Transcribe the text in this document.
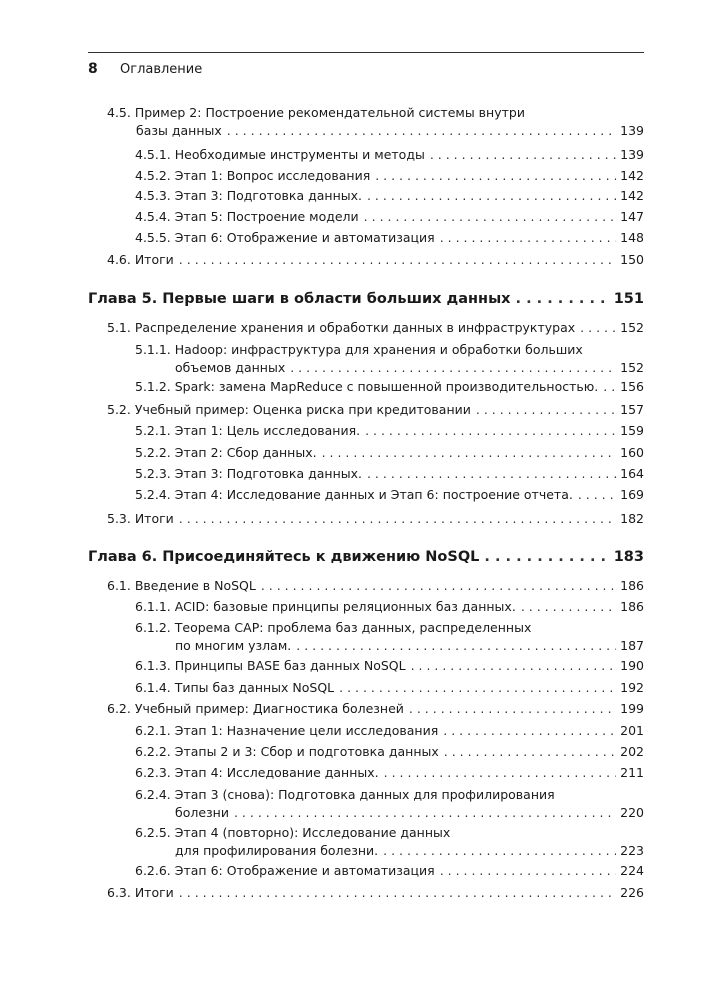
8 Оглавление
4.5. Пример 2: Построение рекомендательной системы внутри
базы данных . . .	139
4.5.1. Необходимые инструменты и методы . . .	139
4.5.2. Этап 1: Вопрос исследования . . .	142
4.5.3. Этап 3: Подготовка данных. . . .	142
4.5.4. Этап 5: Построение модели . . .	147
4.5.5. Этап 6: Отображение и автоматизация . . .	148
4.6. Итоги . . .	150
Глава 5. Первые шаги в области больших данных . . .	151
5.1. Распределение хранения и обработки данных в инфраструктурах . . .	152
5.1.1. Hadoop: инфраструктура для хранения и обработки больших
объемов данных . . .	152
5.1.2. Spark: замена MapReduce с повышенной производительностью. . . . 156
5.2. Учебный пример: Оценка риска при кредитовании . . .	157
5.2.1. Этап 1: Цель исследования. . . .	159
5.2.2. Этап 2: Сбор данных. . . .	160
5.2.3. Этап 3: Подготовка данных. . . .	164
5.2.4. Этап 4: Исследование данных и Этап 6: построение отчета. . . .	169
5.3. Итоги . . .	182
Глава 6. Присоединяйтесь к движению NoSQL . . .	183
6.1. Введение в NoSQL . . .	186
6.1.1. ACID: базовые принципы реляционных баз данных. . . .	186
6.1.2. Теорема CAP: проблема баз данных, распределенных
по многим узлам. . . .	187
6.1.3. Принципы BASE баз данных NoSQL . . .	190
6.1.4. Типы баз данных NoSQL . . .	192
6.2. Учебный пример: Диагностика болезней . . .	199
6.2.1. Этап 1: Назначение цели исследования . . .	201
6.2.2. Этапы 2 и 3: Сбор и подготовка данных . . .	202
6.2.3. Этап 4: Исследование данных. . . .	211
6.2.4. Этап 3 (снова): Подготовка данных для профилирования
болезни . . .	220
6.2.5. Этап 4 (повторно): Исследование данных
для профилирования болезни. . . .	223
6.2.6. Этап 6: Отображение и автоматизация . . .	224
6.3. Итоги . . .	226
